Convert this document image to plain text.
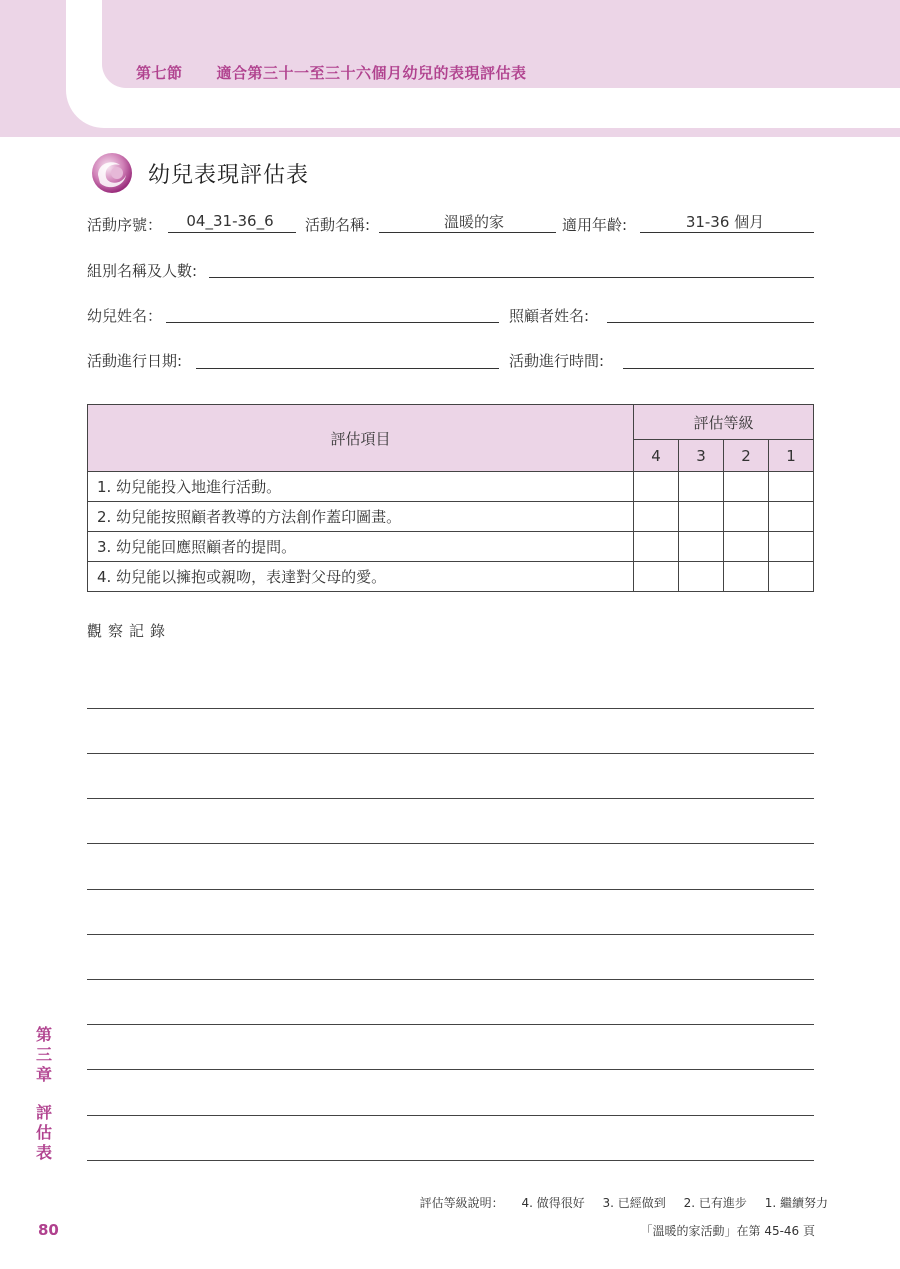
第七節 適合第三十一至三十六個月幼兒的表現評估表
幼兒表現評估表
活動序號：	04_31-36_6	活動名稱:	溫暖的家	適用年齡:	31-36 個月
組別名稱及人數:
幼兒姓名：	照顧者姓名:
活動進行日期:	活動進行時間:
評估項目	評估等級			
	4	3	2	1
1. 幼兒能投入地進行活動。				
2. 幼兒能按照顧者教導的方法創作蓋印圖畫。				
3. 幼兒能回應照顧者的提問。				
4. 幼兒能以擁抱或親吻，表達對父母的愛。				
觀察記錄
第
三
章
評
估
表
評估等級說明： 4. 做得很好 3. 已經做到 2. 已有進步 1. 繼續努力
80	「溫暖的家活動」在第 45-46 頁
